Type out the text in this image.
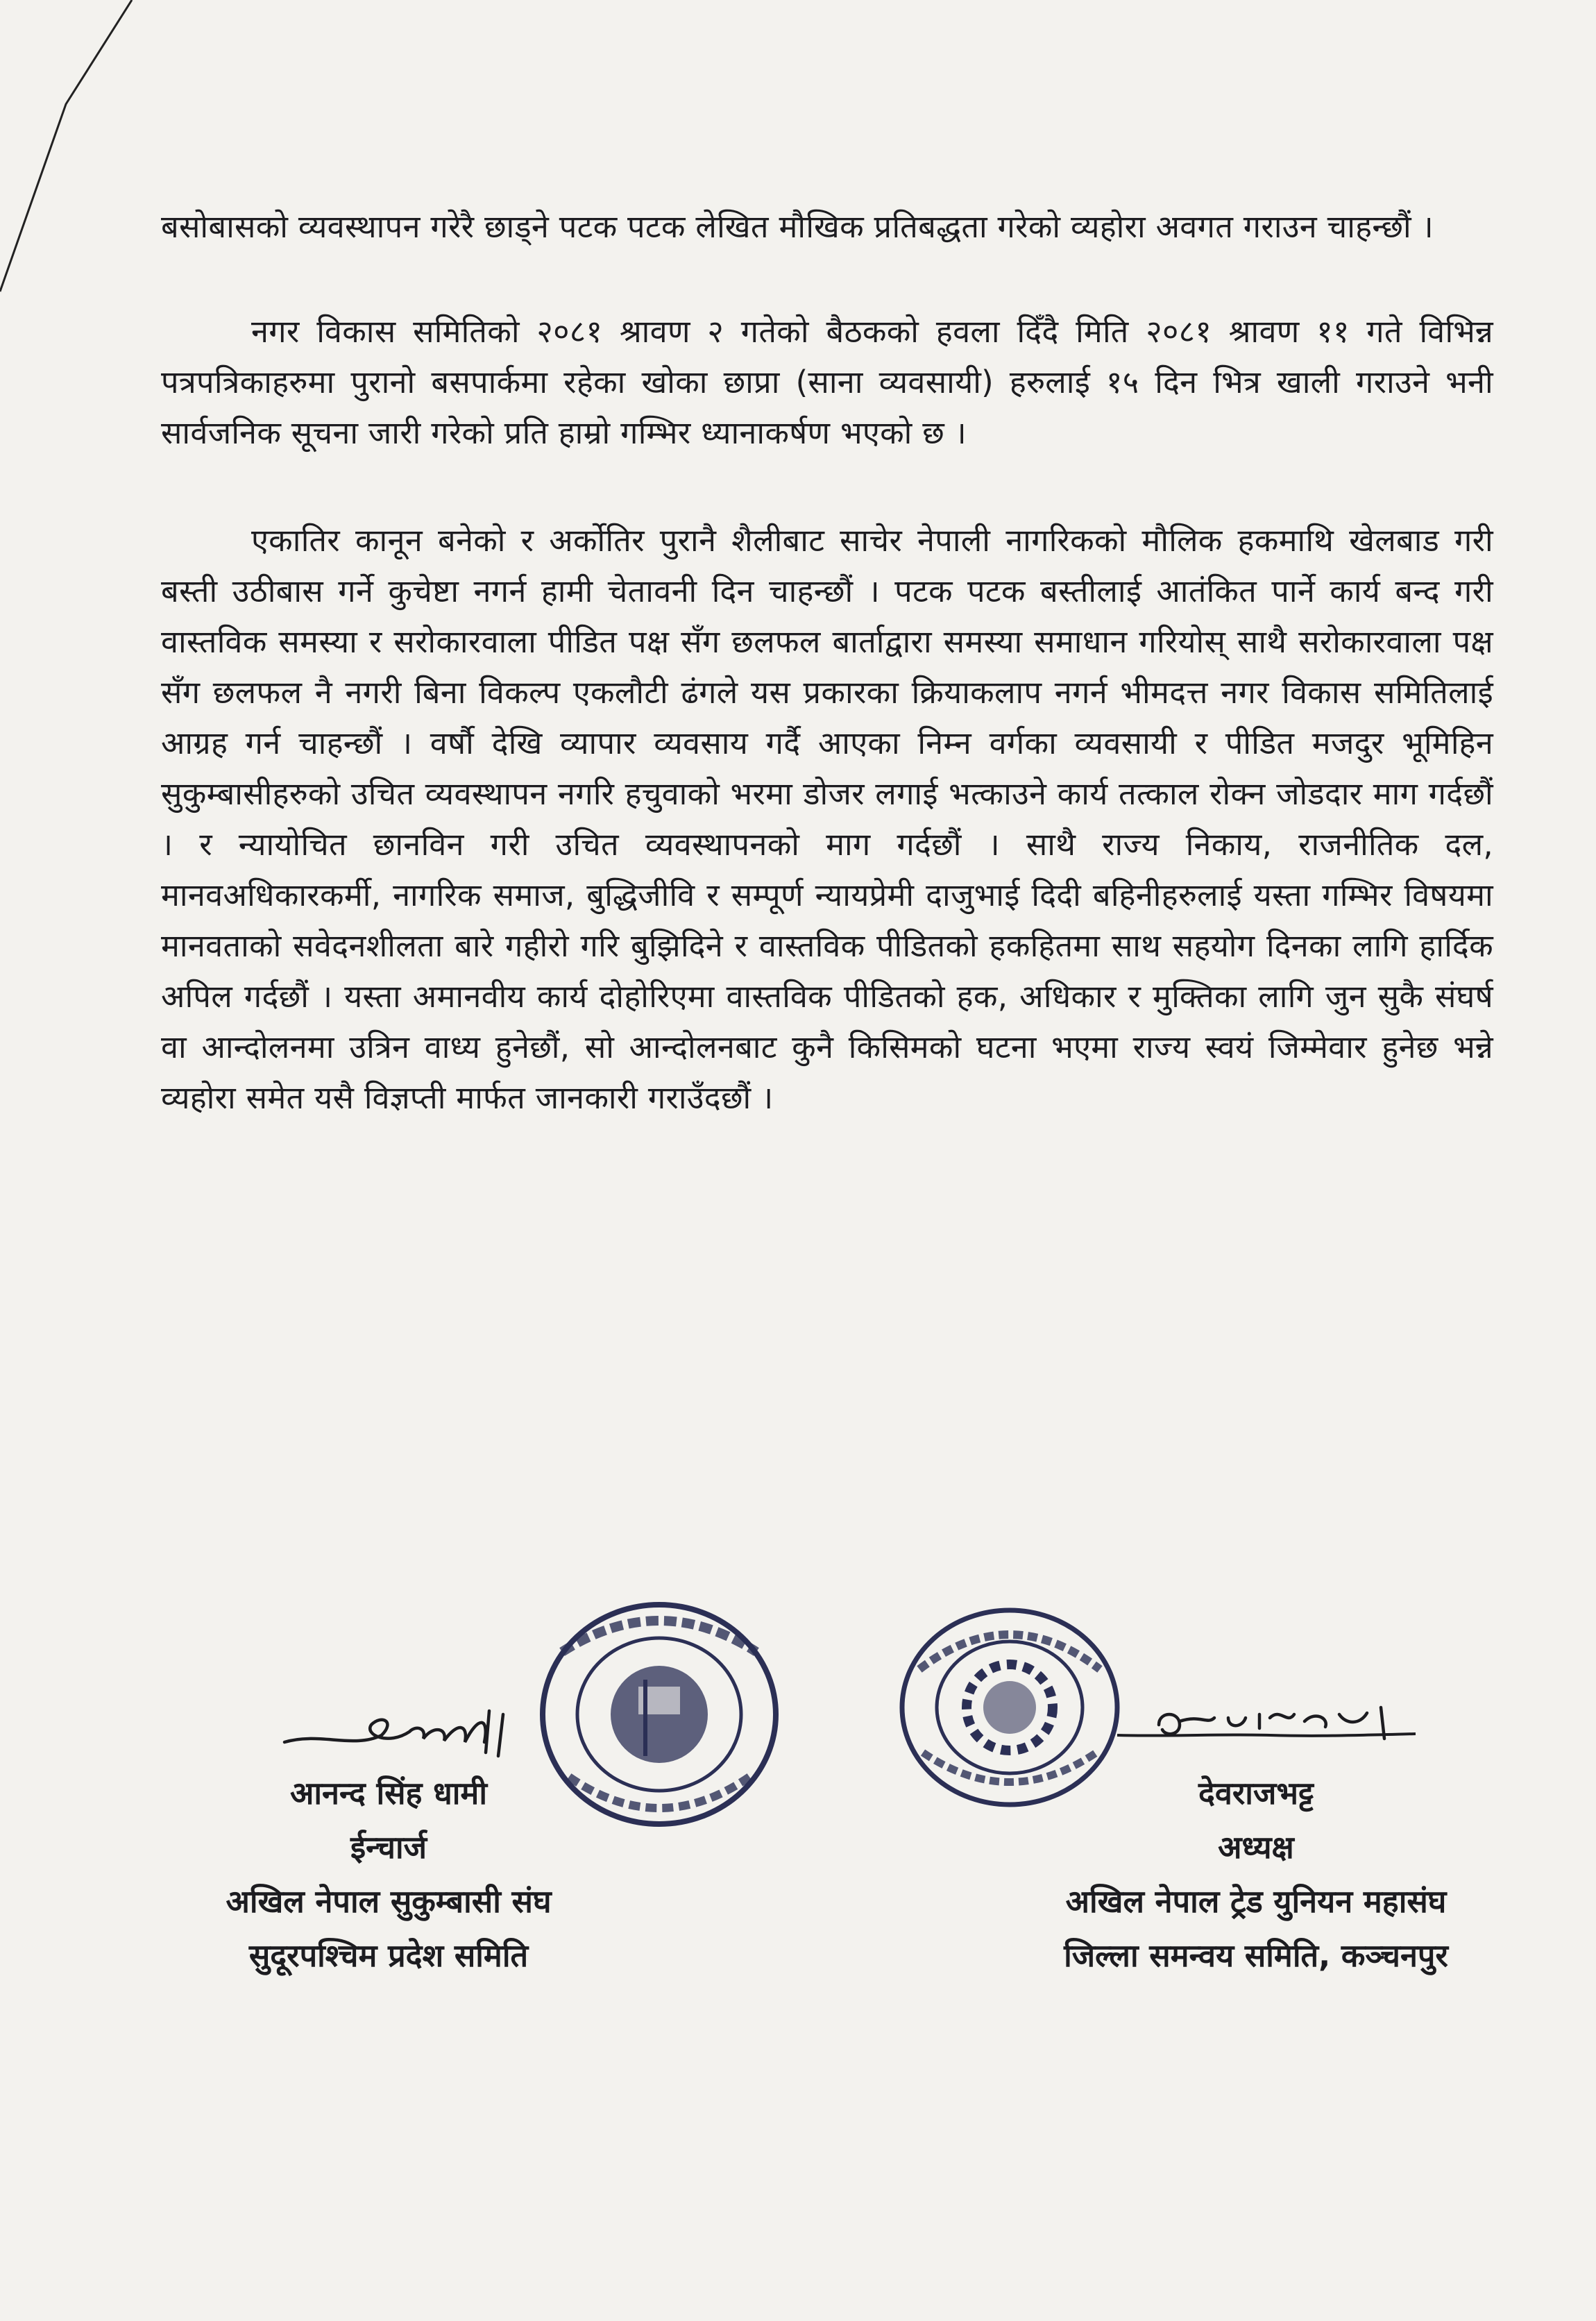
बसोबासको व्यवस्थापन गरेरै छाड्ने पटक पटक लेखित मौखिक प्रतिबद्धता गरेको व्यहोरा अवगत गराउन चाहन्छौं ।

नगर विकास समितिको २०८१ श्रावण २ गतेको बैठकको हवला दिँदै मिति २०८१ श्रावण ११ गते विभिन्न पत्रपत्रिकाहरुमा पुरानो बसपार्कमा रहेका खोका छाप्रा (साना व्यवसायी) हरुलाई १५ दिन भित्र खाली गराउने भनी सार्वजनिक सूचना जारी गरेको प्रति हाम्रो गम्भिर ध्यानाकर्षण भएको छ ।

एकातिर कानून बनेको र अर्कोतिर पुरानै शैलीबाट साचेर नेपाली नागरिकको मौलिक हकमाथि खेलबाड गरी बस्ती उठीबास गर्ने कुचेष्टा नगर्न हामी चेतावनी दिन चाहन्छौं । पटक पटक बस्तीलाई आतंकित पार्ने कार्य बन्द गरी वास्तविक समस्या र सरोकारवाला पीडित पक्ष सँग छलफल बार्ताद्वारा समस्या समाधान गरियोस् साथै सरोकारवाला पक्ष सँग छलफल नै नगरी बिना विकल्प एकलौटी ढंगले यस प्रकारका क्रियाकलाप नगर्न भीमदत्त नगर विकास समितिलाई आग्रह गर्न चाहन्छौं । वर्षौ देखि व्यापार व्यवसाय गर्दै आएका निम्न वर्गका व्यवसायी र पीडित मजदुर भूमिहिन सुकुम्बासीहरुको उचित व्यवस्थापन नगरि हचुवाको भरमा डोजर लगाई भत्काउने कार्य तत्काल रोक्न जोडदार माग गर्दछौं । र न्यायोचित छानविन गरी उचित व्यवस्थापनको माग गर्दछौं । साथै राज्य निकाय, राजनीतिक दल, मानवअधिकारकर्मी, नागरिक समाज, बुद्धिजीवि र सम्पूर्ण न्यायप्रेमी दाजुभाई दिदी बहिनीहरुलाई यस्ता गम्भिर विषयमा मानवताको सवेदनशीलता बारे गहीरो गरि बुझिदिने र वास्तविक पीडितको हकहितमा साथ सहयोग दिनका लागि हार्दिक अपिल गर्दछौं । यस्ता अमानवीय कार्य दोहोरिएमा वास्तविक पीडितको हक, अधिकार र मुक्तिका लागि जुन सुकै संघर्ष वा आन्दोलनमा उत्रिन वाध्य हुनेछौं, सो आन्दोलनबाट कुनै किसिमको घटना भएमा राज्य स्वयं जिम्मेवार हुनेछ भन्ने व्यहोरा समेत यसै विज्ञप्ती मार्फत जानकारी गराउँदछौं ।

आनन्द सिंह धामी
ईन्चार्ज
अखिल नेपाल सुकुम्बासी संघ
सुदूरपश्चिम प्रदेश समिति
देवराजभट्ट
अध्यक्ष
अखिल नेपाल ट्रेड युनियन महासंघ
जिल्ला समन्वय समिति, कञ्चनपुर
